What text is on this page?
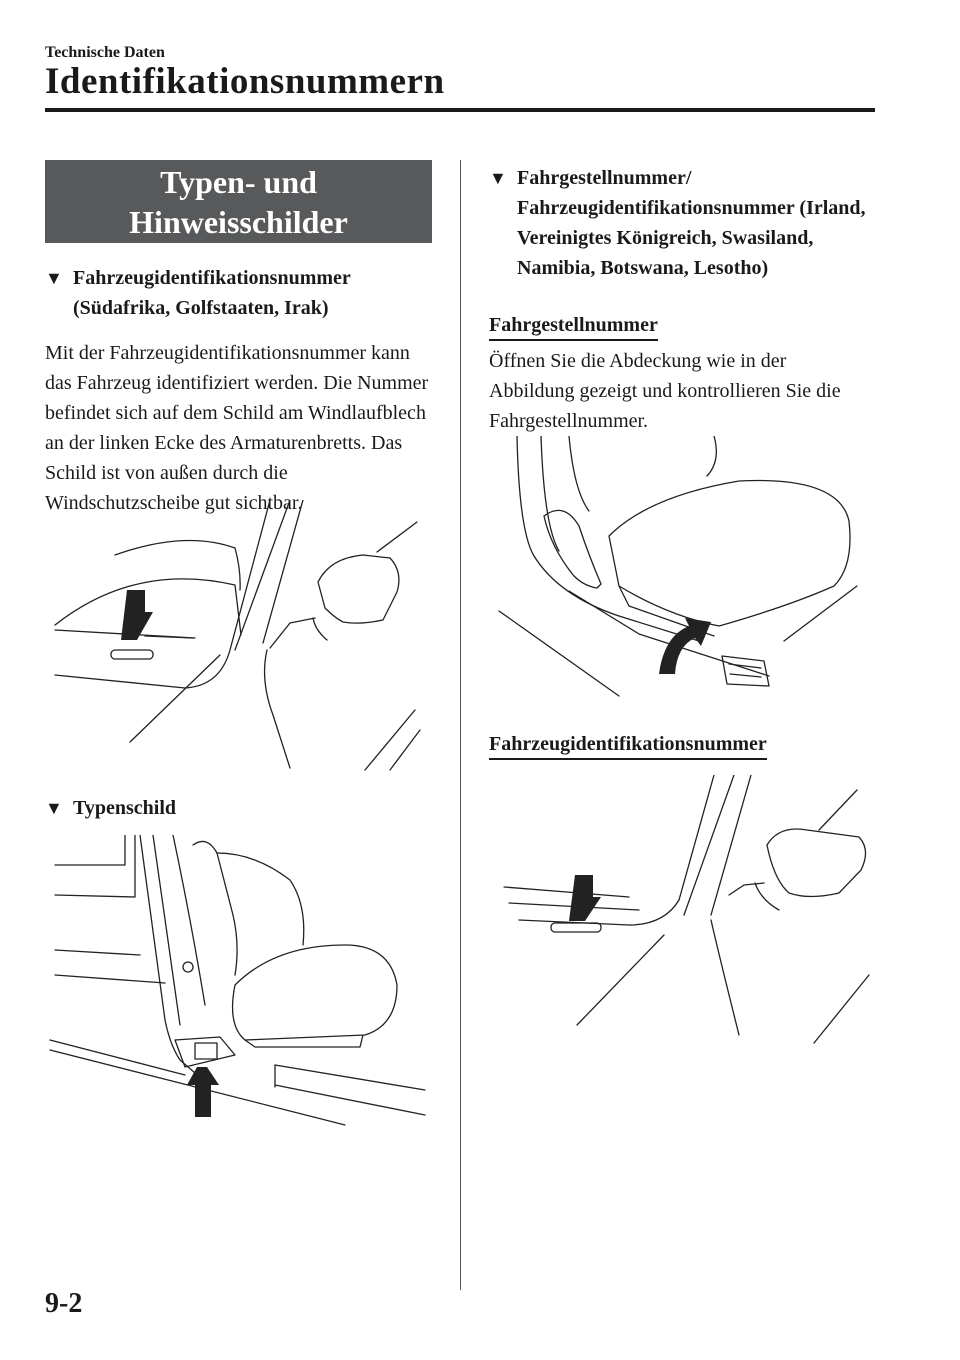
Technische Daten
Identifikationsnummern
Typen- und
Hinweisschilder
▼ Fahrzeugidentifikationsnummer (Südafrika, Golfstaaten, Irak)
Mit der Fahrzeugidentifikationsnummer kann das Fahrzeug identifiziert werden. Die Nummer befindet sich auf dem Schild am Windlaufblech an der linken Ecke des Armaturenbretts. Das Schild ist von außen durch die Windschutzscheibe gut sichtbar.
▼ Typenschild
▼ Fahrgestellnummer/ Fahrzeugidentifikationsnummer (Irland, Vereinigtes Königreich, Swasiland, Namibia, Botswana, Lesotho)
Fahrgestellnummer
Öffnen Sie die Abdeckung wie in der Abbildung gezeigt und kontrollieren Sie die Fahrgestellnummer.
Fahrzeugidentifikationsnummer
9-2
